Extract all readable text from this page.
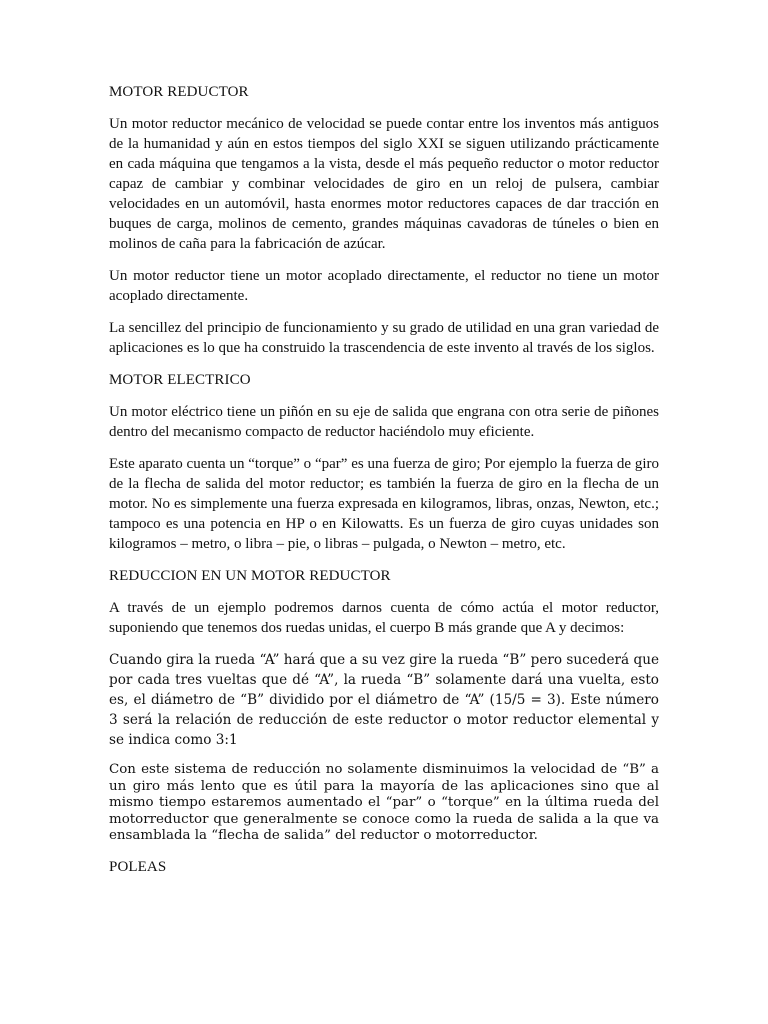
MOTOR REDUCTOR

Un motor reductor mecánico de velocidad se puede contar entre los inventos más antiguos de la humanidad y aún en estos tiempos del siglo XXI se siguen utilizando prácticamente en cada máquina que tengamos a la vista, desde el más pequeño reductor o motor reductor capaz de cambiar y combinar velocidades de giro en un reloj de pulsera, cambiar velocidades en un automóvil, hasta enormes motor reductores capaces de dar tracción en buques de carga, molinos de cemento, grandes máquinas cavadoras de túneles o bien en molinos de caña para la fabricación de azúcar.

Un motor reductor tiene un motor acoplado directamente, el reductor no tiene un motor acoplado directamente.

La sencillez del principio de funcionamiento y su grado de utilidad en una gran variedad de aplicaciones es lo que ha construido la trascendencia de este invento al través de los siglos.

MOTOR ELECTRICO

Un motor eléctrico tiene un piñón en su eje de salida que engrana con otra serie de piñones dentro del mecanismo compacto de reductor haciéndolo muy eficiente.

Este aparato cuenta un “torque” o “par” es una fuerza de giro; Por ejemplo la fuerza de giro de la flecha de salida del motor reductor; es también la fuerza de giro en la flecha de un motor. No es simplemente una fuerza expresada en kilogramos, libras, onzas, Newton, etc.; tampoco es una potencia en HP o en Kilowatts. Es un fuerza de giro cuyas unidades son kilogramos – metro, o libra – pie, o libras – pulgada, o Newton – metro, etc.

REDUCCION EN UN MOTOR REDUCTOR

A través de un ejemplo podremos darnos cuenta de cómo actúa el motor reductor, suponiendo que tenemos dos ruedas unidas, el cuerpo B más grande que A y decimos:

Cuando gira la rueda “A” hará que a su vez gire la rueda “B” pero sucederá que por cada tres vueltas que dé “A”, la rueda “B” solamente dará una vuelta, esto es, el diámetro de “B” dividido por el diámetro de “A” (15/5 = 3). Este número 3 será la relación de reducción de este reductor o motor reductor elemental y se indica como 3:1

Con este sistema de reducción no solamente disminuimos la velocidad de “B” a un giro más lento que es útil para la mayoría de las aplicaciones sino que al mismo tiempo estaremos aumentado el “par” o “torque” en la última rueda del motorreductor que generalmente se conoce como la rueda de salida a la que va ensamblada la “flecha de salida” del reductor o motorreductor.

POLEAS
